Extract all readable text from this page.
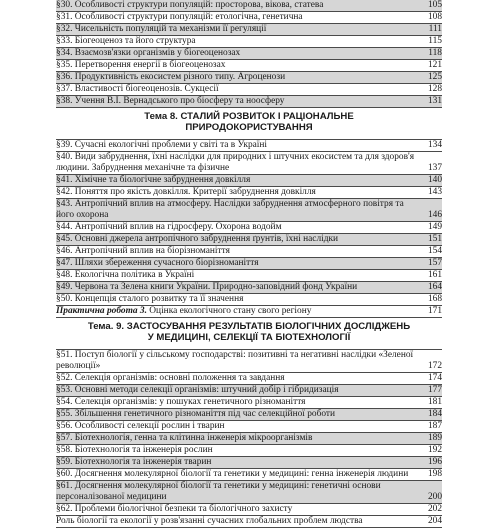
§30. Особливості структури популяцій: просторова, вікова, статева	105
§31. Особливості структури популяцій: етологічна, генетична	108
§32. Чисельність популяцій та механізми її регуляції	111
§33. Біогеоценоз та його структура	115
§34. Взаємозв'язки організмів у біогеоценозах	118
§35. Перетворення енергії в біогеоценозах	121
§36. Продуктивність екосистем різного типу. Агроценози	125
§37. Властивості біогеоценозів. Сукцесії	128
§38. Учення В.І. Вернадського про біосферу та ноосферу	131
Тема 8. СТАЛИЙ РОЗВИТОК І РАЦІОНАЛЬНЕ
ПРИРОДОКОРИСТУВАННЯ
§39. Сучасні екологічні проблеми у світі та в Україні	134
§40. Види забруднення, їхні наслідки для природних і штучних екосистем та для здоров'я людини. Забруднення механічне та фізичне	137
§41. Хімічне та біологічне забруднення довкілля	140
§42. Поняття про якість довкілля. Критерії забруднення довкілля	143
§43. Антропічний вплив на атмосферу. Наслідки забруднення атмосферного повітря та його охорона	146
§44. Антропічний вплив на гідросферу. Охорона водойм	149
§45. Основні джерела антропічного забруднення ґрунтів, їхні наслідки	151
§46. Антропічний вплив на біорізноманіття	154
§47. Шляхи збереження сучасного біорізноманіття	157
§48. Екологічна політика в Україні	161
§49. Червона та Зелена книги України. Природно-заповідний фонд України	164
§50. Концепція сталого розвитку та її значення	168
Практична робота 3. Оцінка екологічного стану свого регіону	171
Тема. 9. ЗАСТОСУВАННЯ РЕЗУЛЬТАТІВ БІОЛОГІЧНИХ ДОСЛІДЖЕНЬ
У МЕДИЦИНІ, СЕЛЕКЦІЇ ТА БІОТЕХНОЛОГІЇ
§51. Поступ біології у сільському господарстві: позитивні та негативні наслідки «Зеленої революції»	172
§52. Селекція організмів: основні положення та завдання	174
§53. Основні методи селекції організмів: штучний добір і гібридизація	177
§54. Селекція організмів: у пошуках генетичного різноманіття	181
§55. Збільшення генетичного різноманіття під час селекційної роботи	184
§56. Особливості селекції рослин і тварин	187
§57. Біотехнологія, генна та клітинна інженерія мікроорганізмів	189
§58. Біотехнологія та інженерія рослин	192
§59. Біотехнологія та інженерія тварин	196
§60. Досягнення молекулярної біології та генетики у медицині: генна інженерія людини	198
§61. Досягнення молекулярної біології та генетики у медицині: генетичні основи персоналізованої медицини	200
§62. Проблеми біологічної безпеки та біологічного захисту	202
Роль біології та екології у розв'язанні сучасних глобальних проблем людства	204
